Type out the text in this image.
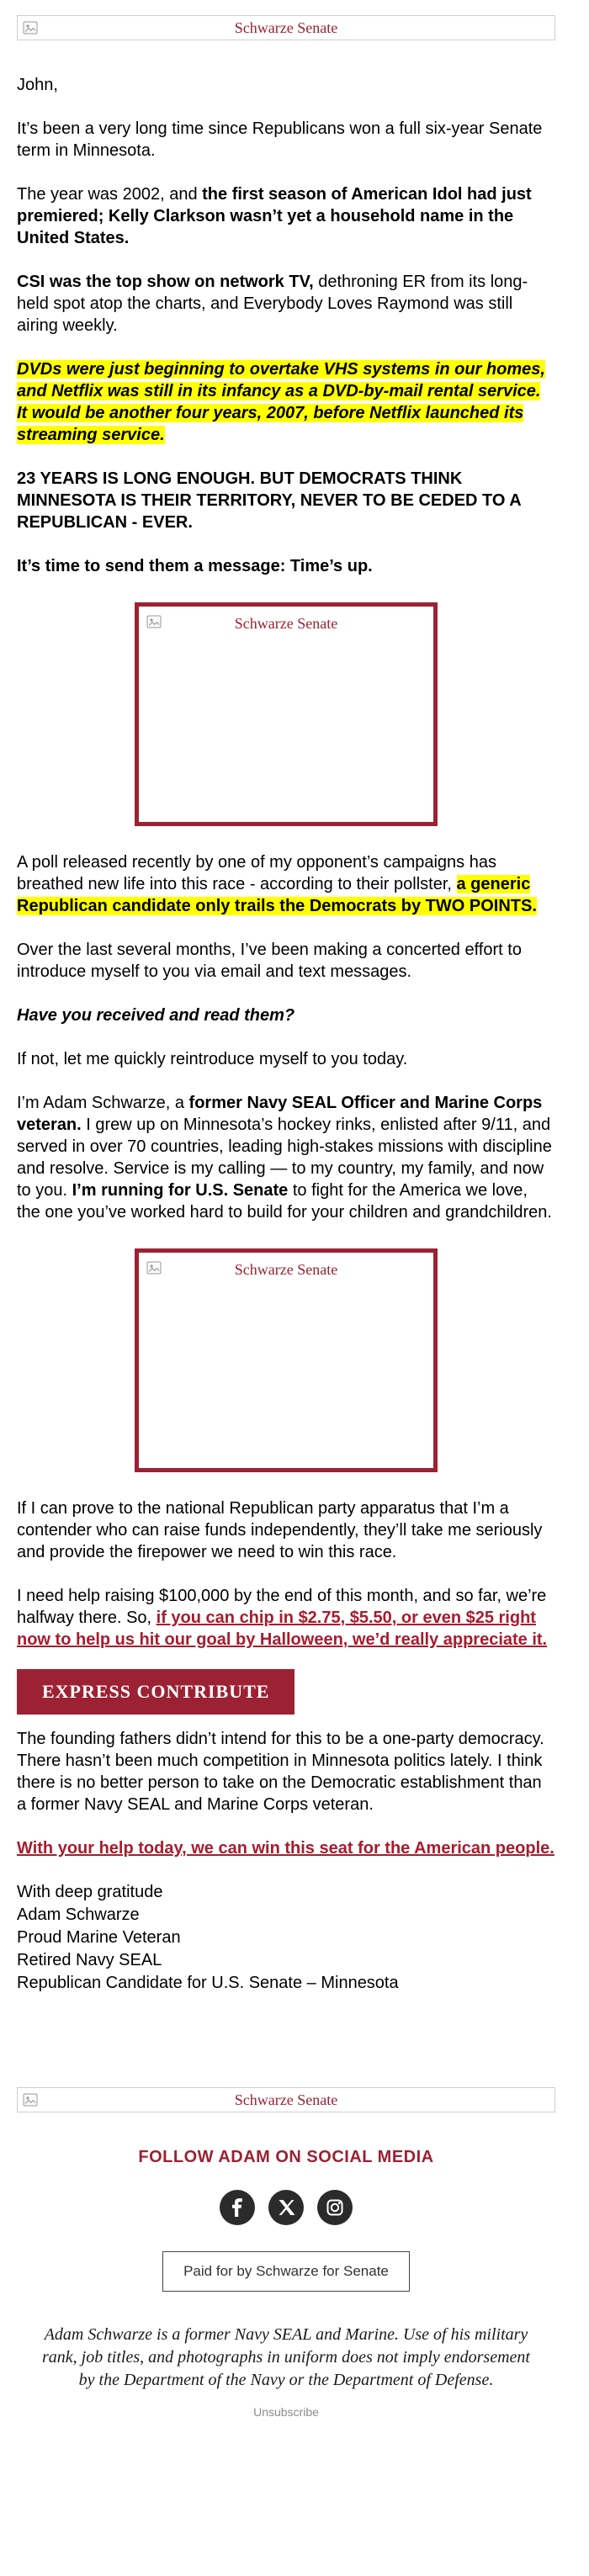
Schwarze Senate

John,

It’s been a very long time since Republicans won a full six-year Senate term in Minnesota.

The year was 2002, and the first season of American Idol had just premiered; Kelly Clarkson wasn’t yet a household name in the United States.

CSI was the top show on network TV, dethroning ER from its long-held spot atop the charts, and Everybody Loves Raymond was still airing weekly.

DVDs were just beginning to overtake VHS systems in our homes, and Netflix was still in its infancy as a DVD-by-mail rental service. It would be another four years, 2007, before Netflix launched its streaming service.

23 YEARS IS LONG ENOUGH. BUT DEMOCRATS THINK MINNESOTA IS THEIR TERRITORY, NEVER TO BE CEDED TO A REPUBLICAN - EVER.

It’s time to send them a message: Time’s up.

Schwarze Senate

A poll released recently by one of my opponent’s campaigns has breathed new life into this race - according to their pollster, a generic Republican candidate only trails the Democrats by TWO POINTS.

Over the last several months, I’ve been making a concerted effort to introduce myself to you via email and text messages.

Have you received and read them?

If not, let me quickly reintroduce myself to you today.

I’m Adam Schwarze, a former Navy SEAL Officer and Marine Corps veteran. I grew up on Minnesota’s hockey rinks, enlisted after 9/11, and served in over 70 countries, leading high-stakes missions with discipline and resolve. Service is my calling — to my country, my family, and now to you. I’m running for U.S. Senate to fight for the America we love, the one you’ve worked hard to build for your children and grandchildren.

Schwarze Senate

If I can prove to the national Republican party apparatus that I’m a contender who can raise funds independently, they’ll take me seriously and provide the firepower we need to win this race.

I need help raising $100,000 by the end of this month, and so far, we’re halfway there. So, if you can chip in $2.75, $5.50, or even $25 right now to help us hit our goal by Halloween, we’d really appreciate it.

EXPRESS CONTRIBUTE

The founding fathers didn’t intend for this to be a one-party democracy. There hasn’t been much competition in Minnesota politics lately. I think there is no better person to take on the Democratic establishment than a former Navy SEAL and Marine Corps veteran.

With your help today, we can win this seat for the American people.

With deep gratitude
Adam Schwarze
Proud Marine Veteran
Retired Navy SEAL
Republican Candidate for U.S. Senate – Minnesota
Schwarze Senate
FOLLOW ADAM ON SOCIAL MEDIA
Paid for by Schwarze for Senate
Adam Schwarze is a former Navy SEAL and Marine. Use of his military rank, job titles, and photographs in uniform does not imply endorsement by the Department of the Navy or the Department of Defense.
Unsubscribe
